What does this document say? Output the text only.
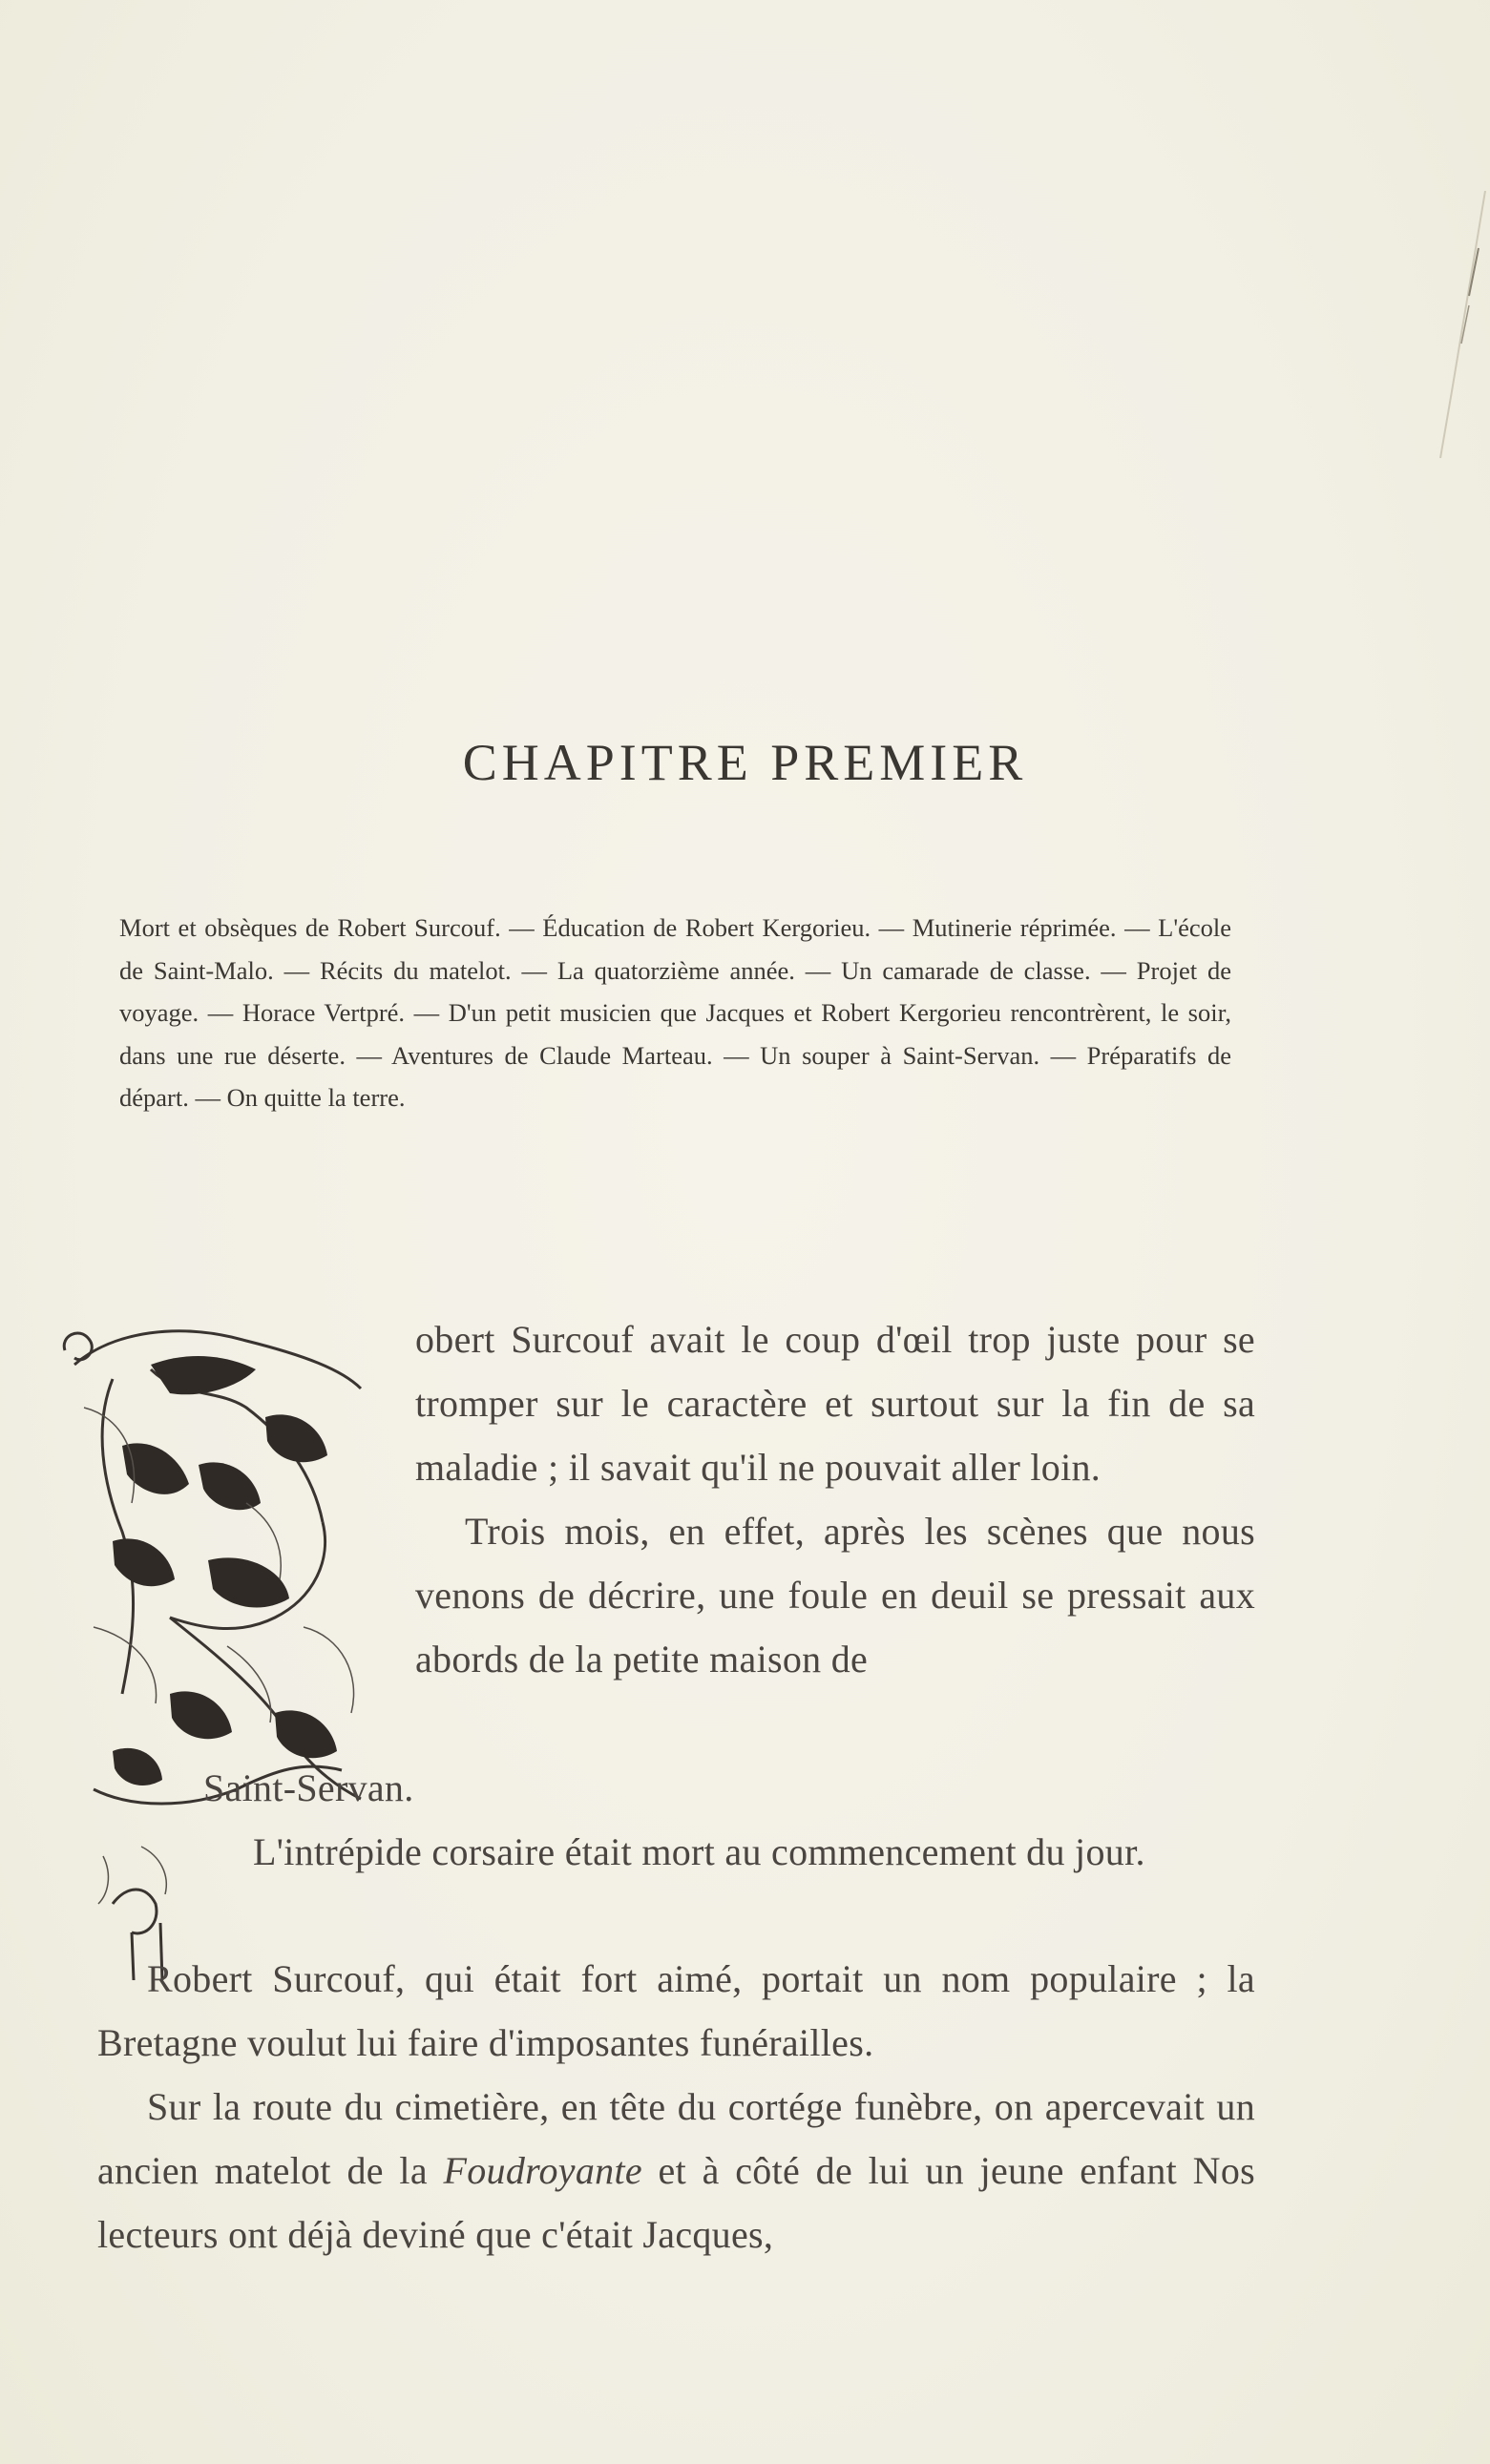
CHAPITRE PREMIER

Mort et obsèques de Robert Surcouf. — Éducation de Robert Kergorieu. — Mutinerie réprimée. — L'école de Saint-Malo. — Récits du matelot. — La quatorzième année. — Un camarade de classe. — Projet de voyage. — Horace Vertpré. — D'un petit musicien que Jacques et Robert Kergorieu rencontrèrent, le soir, dans une rue déserte. — Aventures de Claude Marteau. — Un souper à Saint-Servan. — Préparatifs de départ. — On quitte la terre.

obert Surcouf avait le coup d'œil trop juste pour se tromper sur le caractère et surtout sur la fin de sa maladie ; il savait qu'il ne pouvait aller loin.

Trois mois, en effet, après les scènes que nous venons de décrire, une foule en deuil se pressait aux abords de la petite maison de

Saint-Servan.

L'intrépide corsaire était mort au commencement du jour.

Robert Surcouf, qui était fort aimé, portait un nom populaire ; la Bretagne voulut lui faire d'imposantes funérailles.

Sur la route du cimetière, en tête du cortége funèbre, on apercevait un ancien matelot de la Foudroyante et à côté de lui un jeune enfant Nos lecteurs ont déjà deviné que c'était Jacques,
